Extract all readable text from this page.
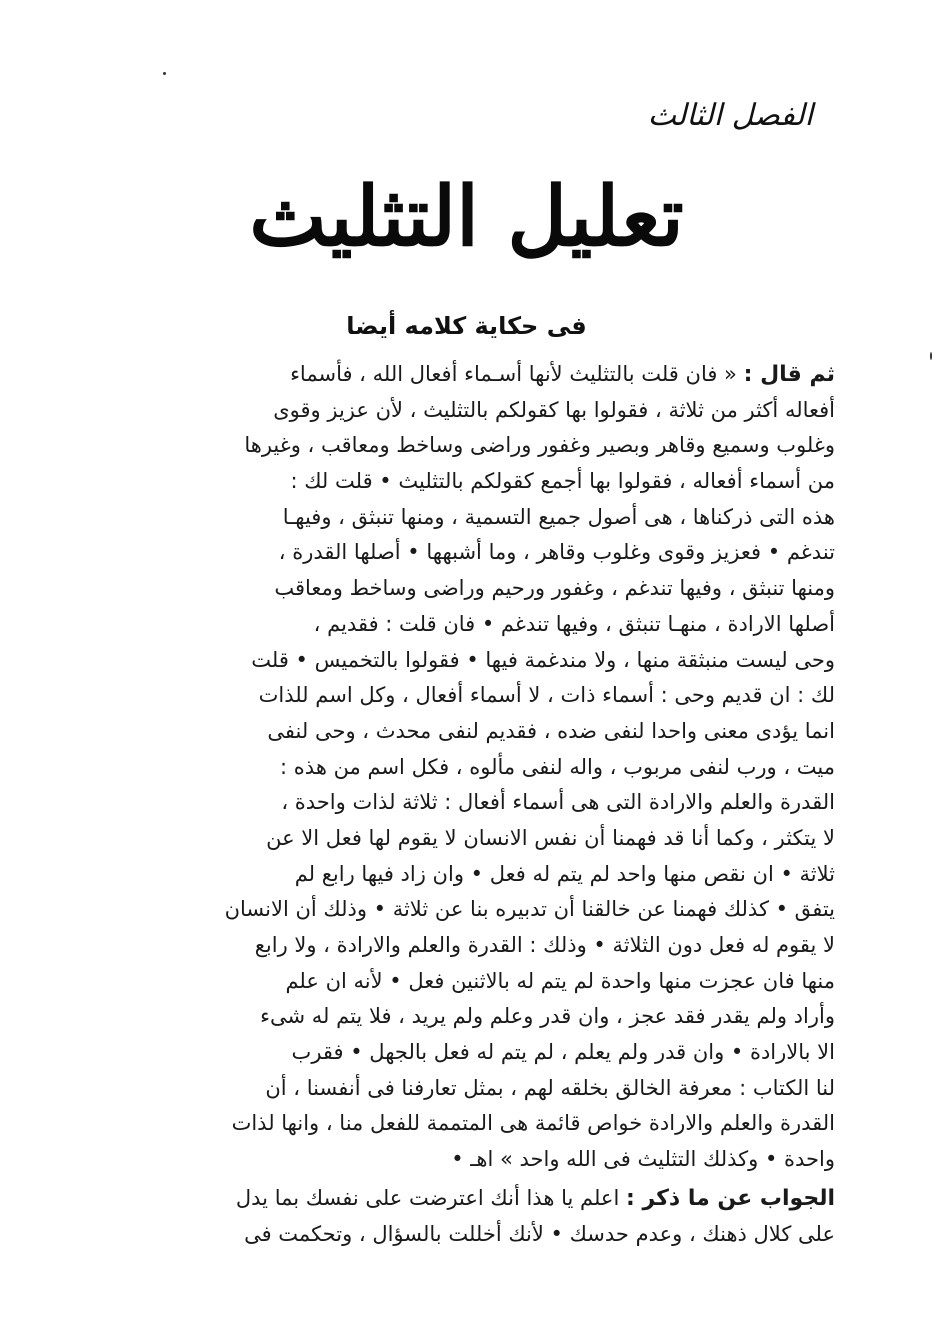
الفصل الثالث
تعليل التثليث
فى حكاية كلامه أيضا
ثم قال : « فان قلت بالتثليث لأنها أسـماء أفعال الله ، فأسماء
أفعاله أكثر من ثلاثة ، فقولوا بها كقولكم بالتثليث ، لأن عزيز وقوى
وغلوب وسميع وقاهر وبصير وغفور وراضى وساخط ومعاقب ، وغيرها
من أسماء أفعاله ، فقولوا بها أجمع كقولكم بالتثليث • قلت لك :
هذه التى ذركناها ، هى أصول جميع التسمية ، ومنها تنبثق ، وفيهـا
تندغم • فعزيز وقوى وغلوب وقاهر ، وما أشبهها • أصلها القدرة ،
ومنها تنبثق ، وفيها تندغم ، وغفور ورحيم وراضى وساخط ومعاقب
أصلها الارادة ، منهـا تنبثق ، وفيها تندغم • فان قلت : فقديم ،
وحى ليست منبثقة منها ، ولا مندغمة فيها • فقولوا بالتخميس • قلت
لك : ان قديم وحى : أسماء ذات ، لا أسماء أفعال ، وكل اسم للذات
انما يؤدى معنى واحدا لنفى ضده ، فقديم لنفى محدث ، وحى لنفى
ميت ، ورب لنفى مربوب ، واله لنفى مألوه ، فكل اسم من هذه :
القدرة والعلم والارادة التى هى أسماء أفعال : ثلاثة لذات واحدة ،
لا يتكثر ، وكما أنا قد فهمنا أن نفس الانسان لا يقوم لها فعل الا عن
ثلاثة • ان نقص منها واحد لم يتم له فعل • وان زاد فيها رابع لم
يتفق • كذلك فهمنا عن خالقنا أن تدبيره بنا عن ثلاثة • وذلك أن الانسان
لا يقوم له فعل دون الثلاثة • وذلك : القدرة والعلم والارادة ، ولا رابع
منها فان عجزت منها واحدة لم يتم له بالاثنين فعل • لأنه ان علم
وأراد ولم يقدر فقد عجز ، وان قدر وعلم ولم يريد ، فلا يتم له شىء
الا بالارادة • وان قدر ولم يعلم ، لم يتم له فعل بالجهل • فقرب
لنا الكتاب : معرفة الخالق بخلقه لهم ، بمثل تعارفنا فى أنفسنا ، أن
القدرة والعلم والارادة خواص قائمة هى المتممة للفعل منا ، وانها لذات
واحدة • وكذلك التثليث فى الله واحد » اهـ •
الجواب عن ما ذكر : اعلم يا هذا أنك اعترضت على نفسك بما يدل
على كلال ذهنك ، وعدم حدسك • لأنك أخللت بالسؤال ، وتحكمت فى
